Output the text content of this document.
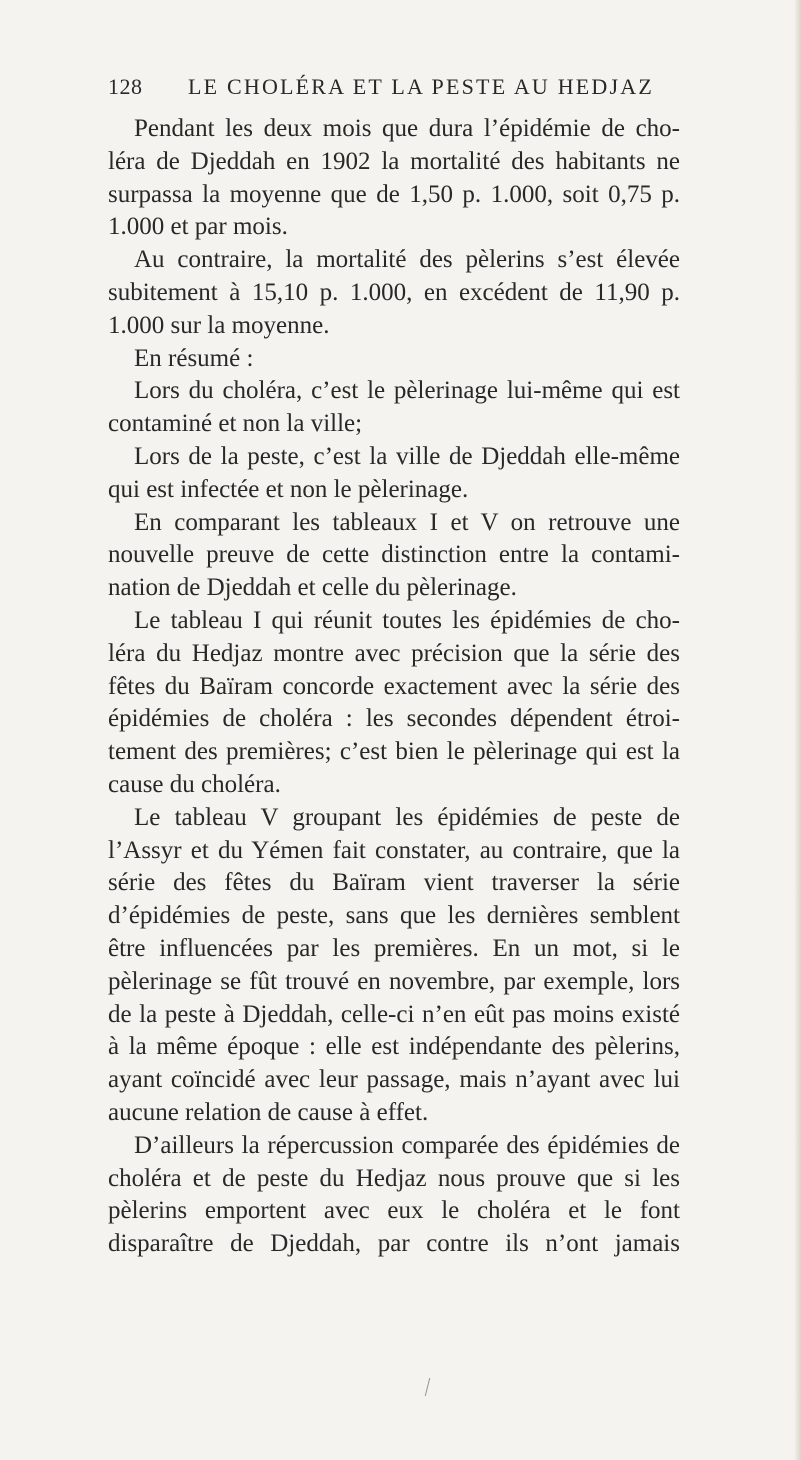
128	LE CHOLÉRA ET LA PESTE AU HEDJAZ

Pendant les deux mois que dura l’épidémie de cho-léra de Djeddah en 1902 la mortalité des habitants ne surpassa la moyenne que de 1,50 p. 1.000, soit 0,75 p. 1.000 et par mois.

Au contraire, la mortalité des pèlerins s’est élevée subitement à 15,10 p. 1.000, en excédent de 11,90 p. 1.000 sur la moyenne.

En résumé :

Lors du choléra, c’est le pèlerinage lui-même qui est contaminé et non la ville;

Lors de la peste, c’est la ville de Djeddah elle-même qui est infectée et non le pèlerinage.

En comparant les tableaux I et V on retrouve une nouvelle preuve de cette distinction entre la contami-nation de Djeddah et celle du pèlerinage.

Le tableau I qui réunit toutes les épidémies de cho-léra du Hedjaz montre avec précision que la série des fêtes du Baïram concorde exactement avec la série des épidémies de choléra : les secondes dépendent étroi-tement des premières; c’est bien le pèlerinage qui est la cause du choléra.

Le tableau V groupant les épidémies de peste de l’Assyr et du Yémen fait constater, au contraire, que la série des fêtes du Baïram vient traverser la série d’épidémies de peste, sans que les dernières semblent être influencées par les premières. En un mot, si le pèlerinage se fût trouvé en novembre, par exemple, lors de la peste à Djeddah, celle-ci n’en eût pas moins existé à la même époque : elle est indépendante des pèlerins, ayant coïncidé avec leur passage, mais n’ayant avec lui aucune relation de cause à effet.

D’ailleurs la répercussion comparée des épidémies de choléra et de peste du Hedjaz nous prouve que si les pèlerins emportent avec eux le choléra et le font disparaître de Djeddah, par contre ils n’ont jamais
